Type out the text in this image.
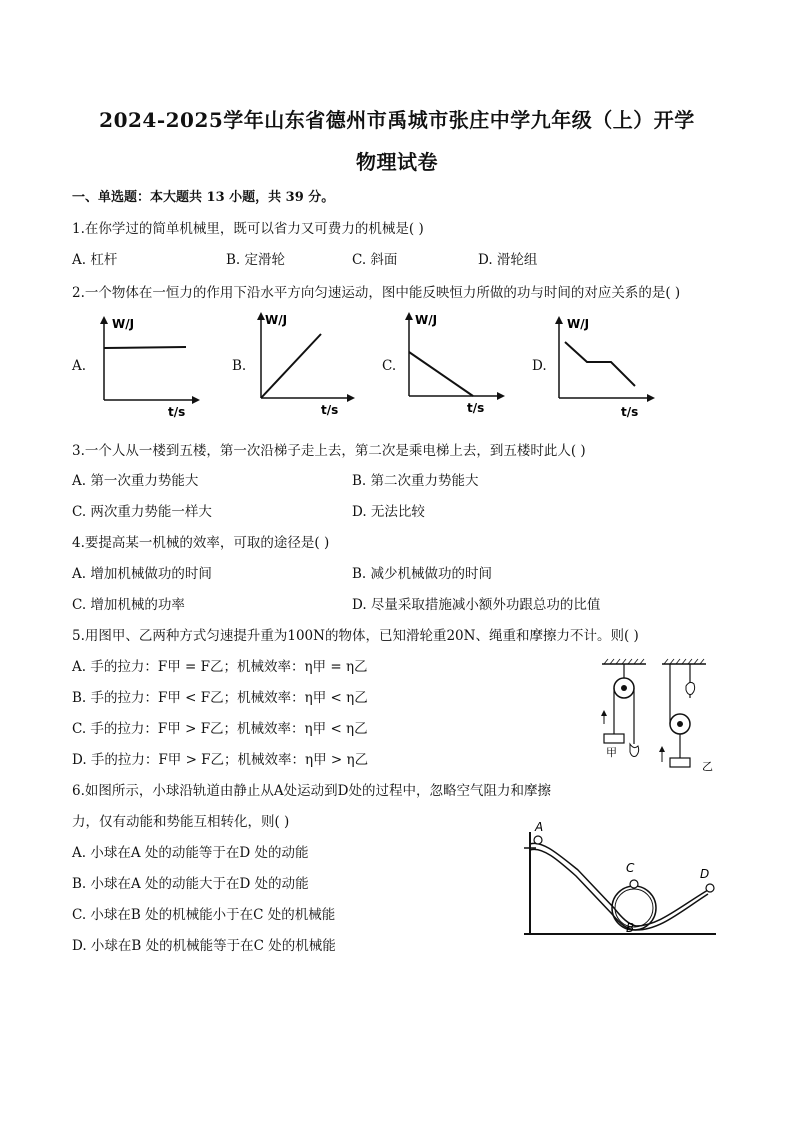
2024-2025学年山东省德州市禹城市张庄中学九年级（上）开学
物理试卷
一、单选题：本大题共 13 小题，共 39 分。
1.在你学过的简单机械里，既可以省力又可费力的机械是( )
A. 杠杆	B. 定滑轮	C. 斜面	D. 滑轮组
2.一个物体在一恒力的作用下沿水平方向匀速运动，图中能反映恒力所做的功与时间的对应关系的是( )
A.	B.	C.	D.
W/J
t/s
W/J
t/s
W/J
t/s
W/J
t/s
3.一个人从一楼到五楼，第一次沿梯子走上去，第二次是乘电梯上去，到五楼时此人( )
A. 第一次重力势能大	B. 第二次重力势能大
C. 两次重力势能一样大	D. 无法比较
4.要提高某一机械的效率，可取的途径是( )
A. 增加机械做功的时间	B. 减少机械做功的时间
C. 增加机械的功率	D. 尽量采取措施减小额外功跟总功的比值
5.用图甲、乙两种方式匀速提升重为100N的物体，已知滑轮重20N、绳重和摩擦力不计。则( )
A. 手的拉力：F甲 = F乙；机械效率：η甲 = η乙
B. 手的拉力：F甲 < F乙；机械效率：η甲 < η乙
C. 手的拉力：F甲 > F乙；机械效率：η甲 < η乙
D. 手的拉力：F甲 > F乙；机械效率：η甲 > η乙	甲
乙
6.如图所示，小球沿轨道由静止从A处运动到D处的过程中，忽略空气阻力和摩擦
力，仅有动能和势能互相转化，则( )
A. 小球在A 处的动能等于在D 处的动能
B. 小球在A 处的动能大于在D 处的动能
C. 小球在B 处的机械能小于在C 处的机械能
D. 小球在B 处的机械能等于在C 处的机械能
A
B
C	D
